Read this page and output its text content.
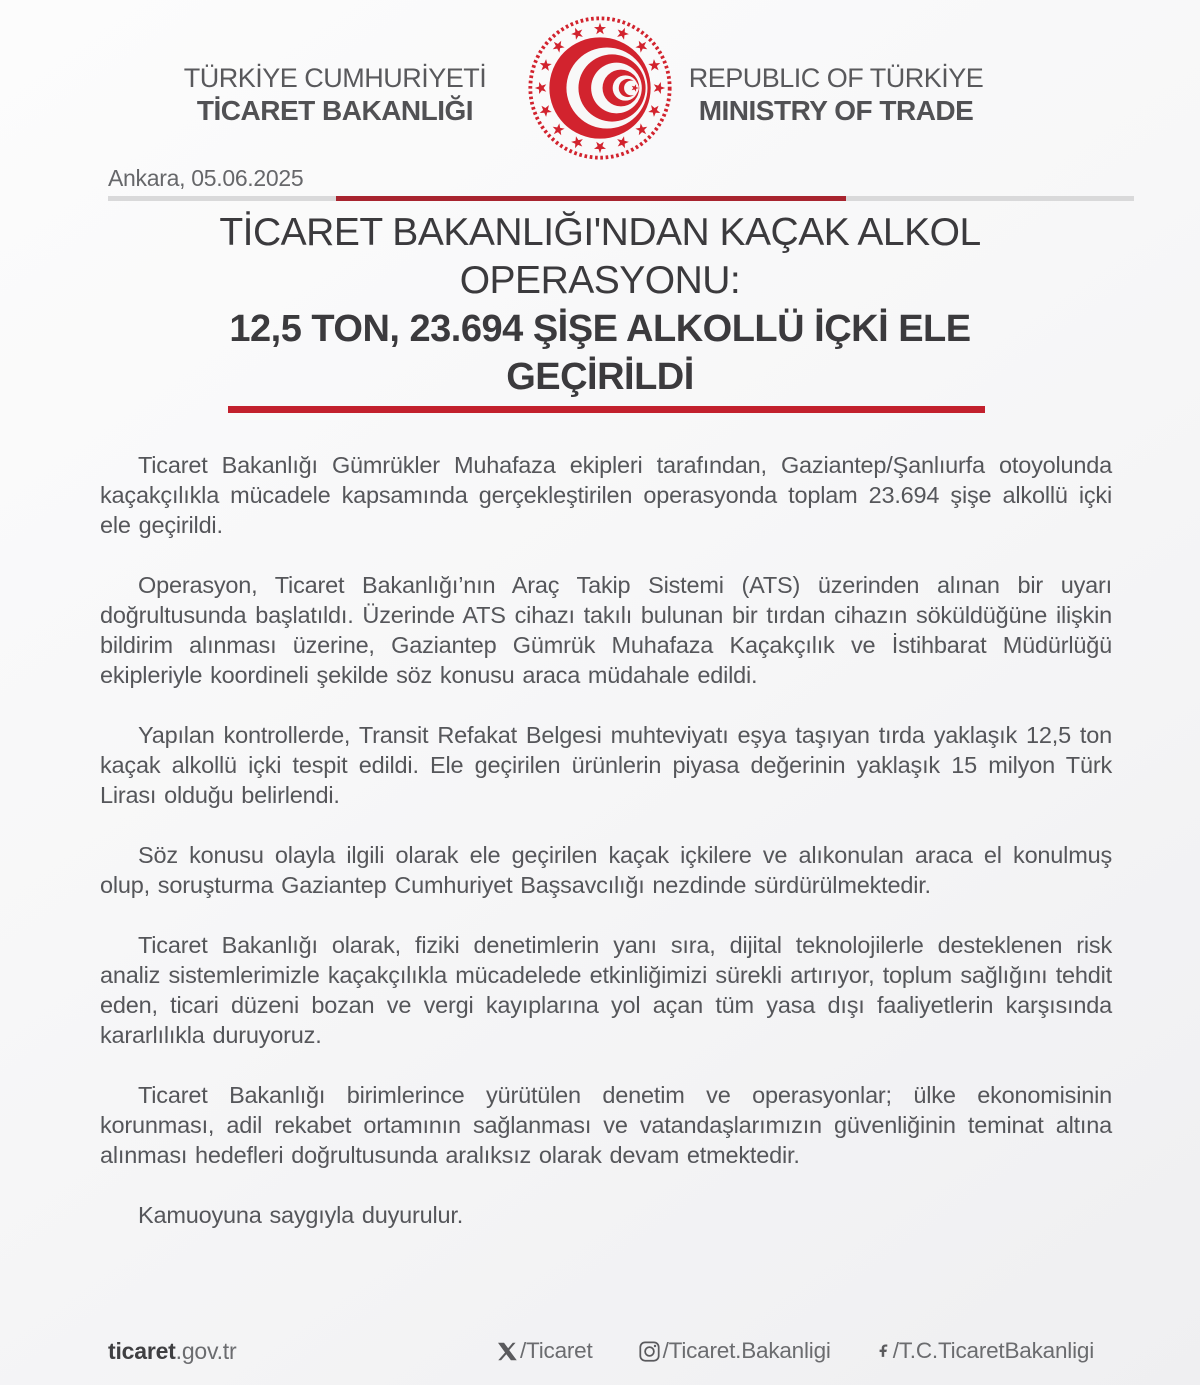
TÜRKİYE CUMHURİYETİ
TİCARET BAKANLIĞI
REPUBLIC OF TÜRKİYE
MINISTRY OF TRADE
Ankara, 05.06.2025
TİCARET BAKANLIĞI'NDAN KAÇAK ALKOL
OPERASYONU:
12,5 TON, 23.694 ŞİŞE ALKOLLÜ İÇKİ ELE
GEÇİRİLDİ

Ticaret Bakanlığı Gümrükler Muhafaza ekipleri tarafından, Gaziantep/Şanlıurfa otoyolunda kaçakçılıkla mücadele kapsamında gerçekleştirilen operasyonda toplam 23.694 şişe alkollü içki ele geçirildi.

Operasyon, Ticaret Bakanlığı’nın Araç Takip Sistemi (ATS) üzerinden alınan bir uyarı doğrultusunda başlatıldı. Üzerinde ATS cihazı takılı bulunan bir tırdan cihazın söküldüğüne ilişkin bildirim alınması üzerine, Gaziantep Gümrük Muhafaza Kaçakçılık ve İstihbarat Müdürlüğü ekipleriyle koordineli şekilde söz konusu araca müdahale edildi.

Yapılan kontrollerde, Transit Refakat Belgesi muhteviyatı eşya taşıyan tırda yaklaşık 12,5 ton kaçak alkollü içki tespit edildi. Ele geçirilen ürünlerin piyasa değerinin yaklaşık 15 milyon Türk Lirası olduğu belirlendi.

Söz konusu olayla ilgili olarak ele geçirilen kaçak içkilere ve alıkonulan araca el konulmuş olup, soruşturma Gaziantep Cumhuriyet Başsavcılığı nezdinde sürdürülmektedir.

Ticaret Bakanlığı olarak, fiziki denetimlerin yanı sıra, dijital teknolojilerle desteklenen risk analiz sistemlerimizle kaçakçılıkla mücadelede etkinliğimizi sürekli artırıyor, toplum sağlığını tehdit eden, ticari düzeni bozan ve vergi kayıplarına yol açan tüm yasa dışı faaliyetlerin karşısında kararlılıkla duruyoruz.

Ticaret Bakanlığı birimlerince yürütülen denetim ve operasyonlar; ülke ekonomisinin korunması, adil rekabet ortamının sağlanması ve vatandaşlarımızın güvenliğinin teminat altına alınması hedefleri doğrultusunda aralıksız olarak devam etmektedir.

Kamuoyuna saygıyla duyurulur.

ticaret.gov.tr	/Ticaret	/Ticaret.Bakanligi	/T.C.TicaretBakanligi
